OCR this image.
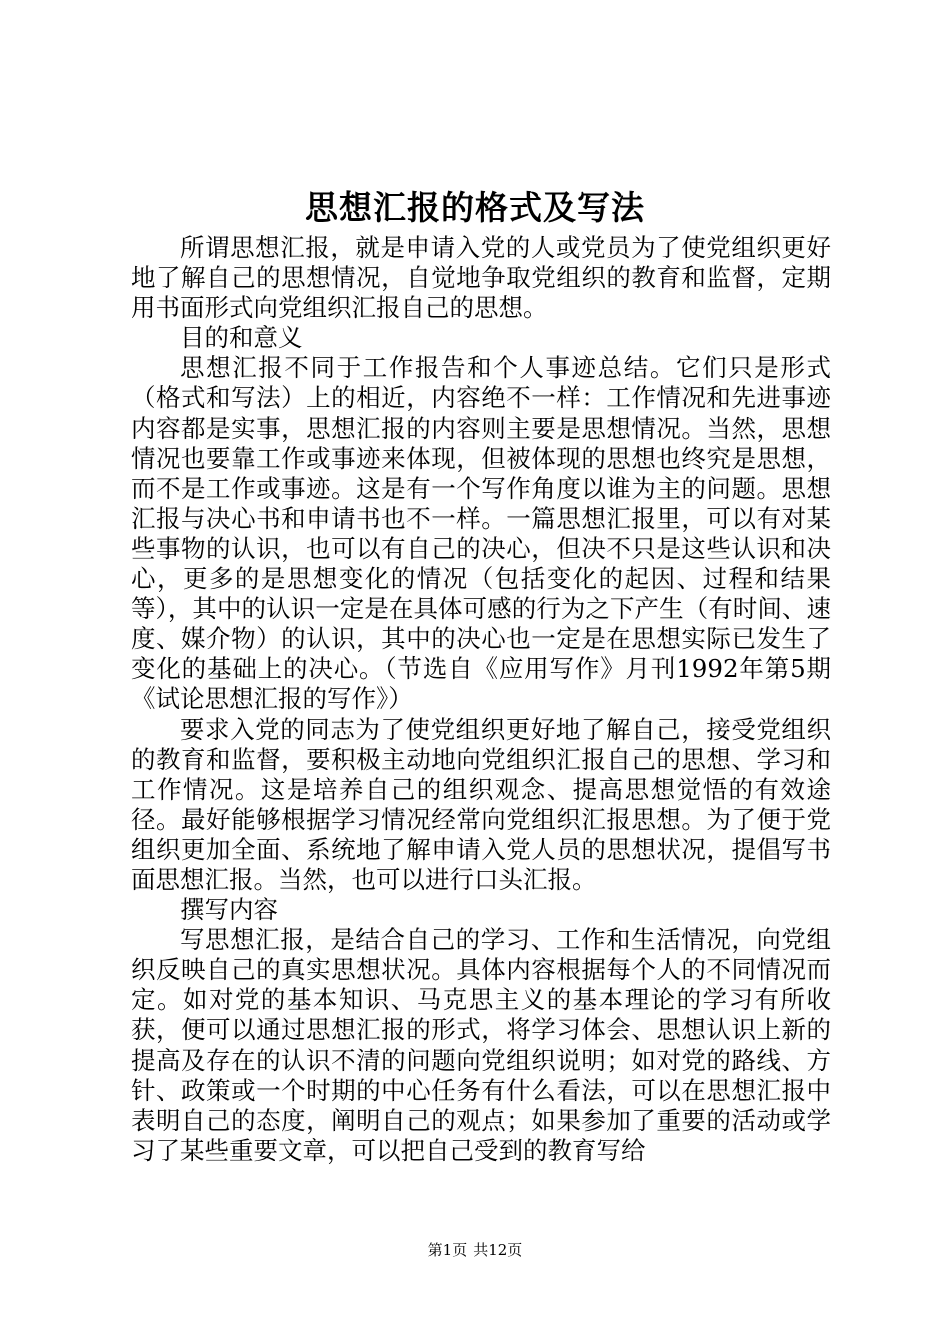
思想汇报的格式及写法

所谓思想汇报，就是申请入党的人或党员为了使党组织更好地了解自己的思想情况，自觉地争取党组织的教育和监督，定期用书面形式向党组织汇报自己的思想。

目的和意义

思想汇报不同于工作报告和个人事迹总结。它们只是形式（格式和写法）上的相近，内容绝不一样：工作情况和先进事迹内容都是实事，思想汇报的内容则主要是思想情况。当然，思想情况也要靠工作或事迹来体现，但被体现的思想也终究是思想，而不是工作或事迹。这是有一个写作角度以谁为主的问题。思想汇报与决心书和申请书也不一样。一篇思想汇报里，可以有对某些事物的认识，也可以有自己的决心，但决不只是这些认识和决心，更多的是思想变化的情况（包括变化的起因、过程和结果等），其中的认识一定是在具体可感的行为之下产生（有时间、速度、媒介物）的认识，其中的决心也一定是在思想实际已发生了变化的基础上的决心。（节选自《应用写作》月刊1992年第5期《试论思想汇报的写作》）

要求入党的同志为了使党组织更好地了解自己，接受党组织的教育和监督，要积极主动地向党组织汇报自己的思想、学习和工作情况。这是培养自己的组织观念、提高思想觉悟的有效途径。最好能够根据学习情况经常向党组织汇报思想。为了便于党组织更加全面、系统地了解申请入党人员的思想状况，提倡写书面思想汇报。当然，也可以进行口头汇报。

撰写内容

写思想汇报，是结合自己的学习、工作和生活情况，向党组织反映自己的真实思想状况。具体内容根据每个人的不同情况而定。如对党的基本知识、马克思主义的基本理论的学习有所收获，便可以通过思想汇报的形式，将学习体会、思想认识上新的提高及存在的认识不清的问题向党组织说明；如对党的路线、方针、政策或一个时期的中心任务有什么看法，可以在思想汇报中表明自己的态度，阐明自己的观点；如果参加了重要的活动或学习了某些重要文章，可以把自己受到的教育写给

第1页 共12页
